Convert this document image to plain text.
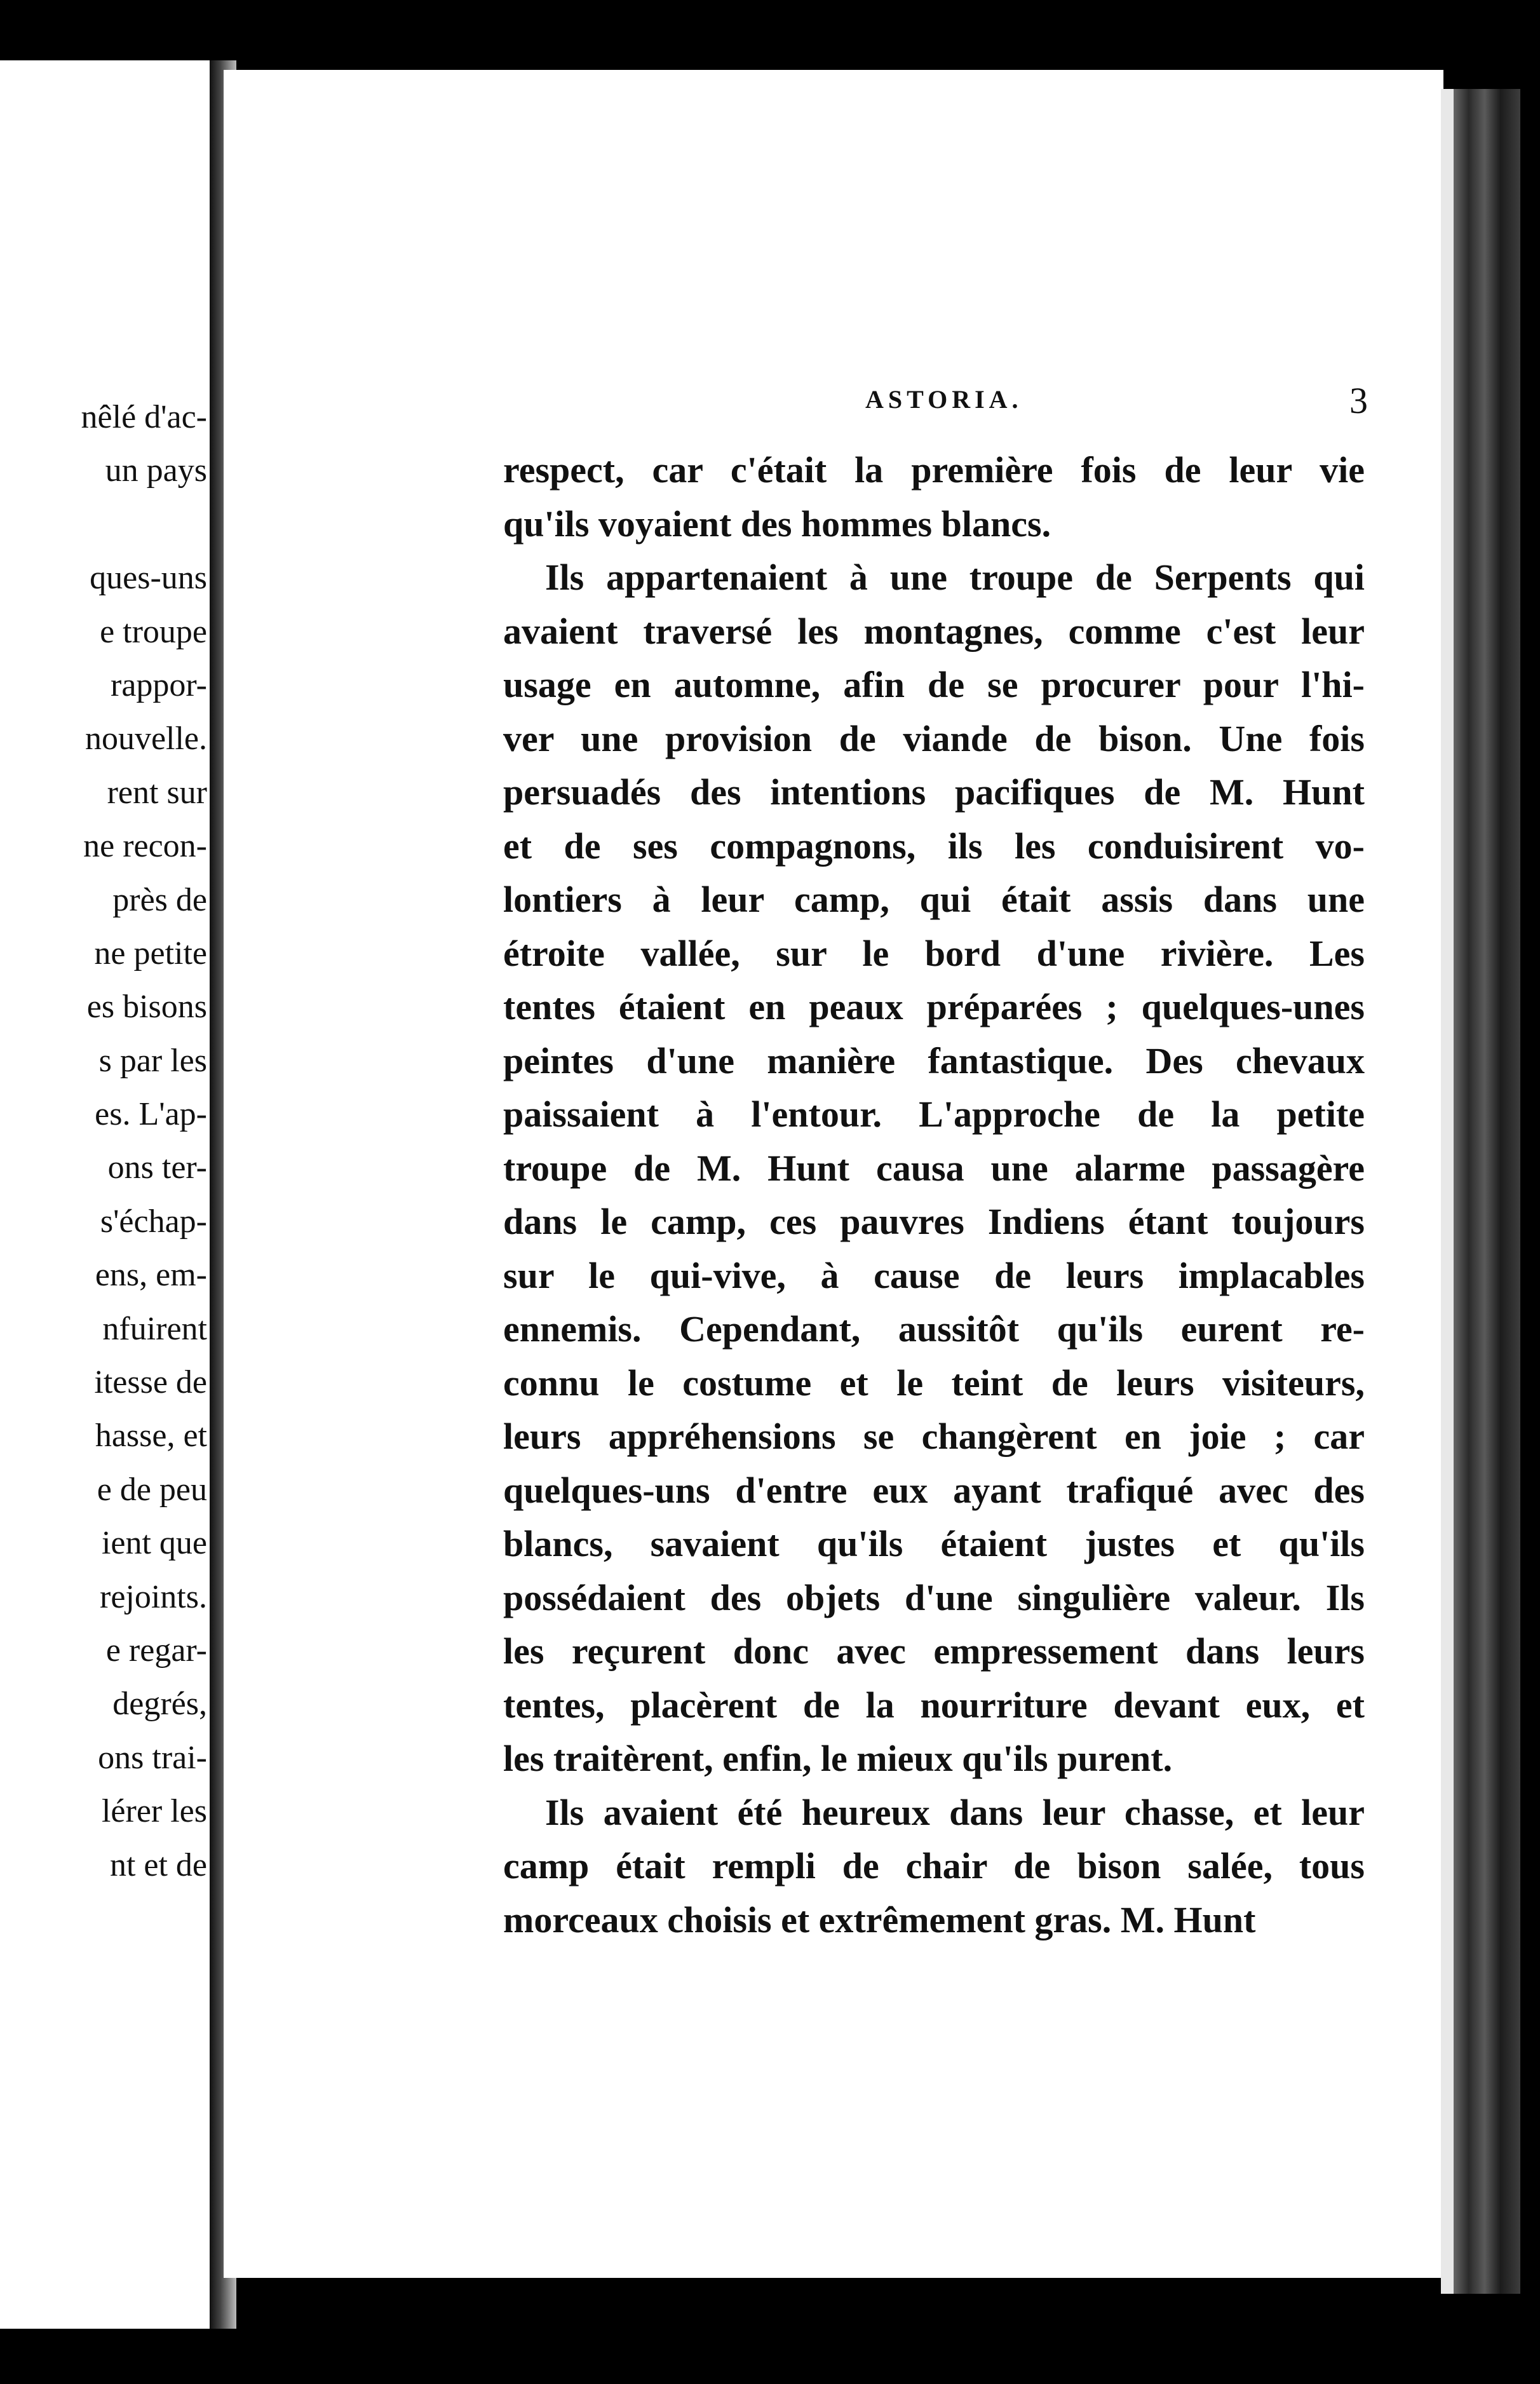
nêlé d'ac-
un pays
ques-uns
e troupe
rappor-
nouvelle.
rent sur
ne recon-
près de
ne petite
es bisons
s par les
es. L'ap-
ons ter-
s'échap-
ens, em-
nfuirent
itesse de
hasse, et
e de peu
ient que
rejoints.
e regar-
degrés,
ons trai-
lérer les
nt et de
ASTORIA.	3
respect, car c'était la première fois de leur vie
qu'ils voyaient des hommes blancs.
Ils appartenaient à une troupe de Serpents qui
avaient traversé les montagnes, comme c'est leur
usage en automne, afin de se procurer pour l'hi-
ver une provision de viande de bison. Une fois
persuadés des intentions pacifiques de M. Hunt
et de ses compagnons, ils les conduisirent vo-
lontiers à leur camp, qui était assis dans une
étroite vallée, sur le bord d'une rivière. Les
tentes étaient en peaux préparées ; quelques-unes
peintes d'une manière fantastique. Des chevaux
paissaient à l'entour. L'approche de la petite
troupe de M. Hunt causa une alarme passagère
dans le camp, ces pauvres Indiens étant toujours
sur le qui-vive, à cause de leurs implacables
ennemis. Cependant, aussitôt qu'ils eurent re-
connu le costume et le teint de leurs visiteurs,
leurs appréhensions se changèrent en joie ; car
quelques-uns d'entre eux ayant trafiqué avec des
blancs, savaient qu'ils étaient justes et qu'ils
possédaient des objets d'une singulière valeur. Ils
les reçurent donc avec empressement dans leurs
tentes, placèrent de la nourriture devant eux, et
les traitèrent, enfin, le mieux qu'ils purent.
Ils avaient été heureux dans leur chasse, et leur
camp était rempli de chair de bison salée, tous
morceaux choisis et extrêmement gras. M. Hunt
